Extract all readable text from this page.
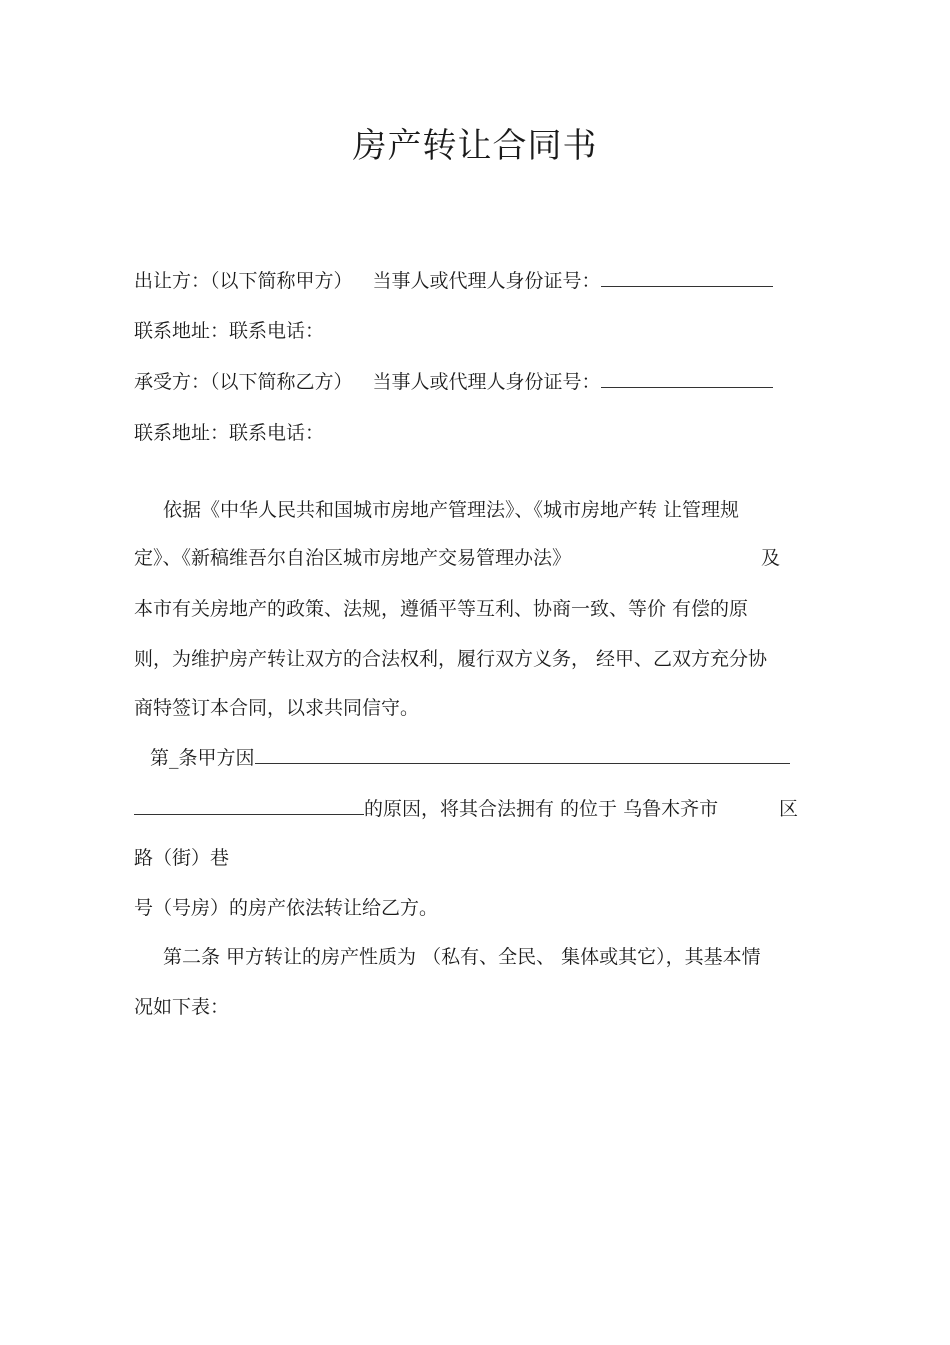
房产转让合同书
出让方：（以下简称甲方） 当事人或代理人身份证号：
联系地址：联系电话：
承受方：（以下简称乙方） 当事人或代理人身份证号：
联系地址：联系电话：
依据《中华人民共和国城市房地产管理法》、《城市房地产转 让管理规
定》、《新稿维吾尔自治区城市房地产交易管理办法》	及
本市有关房地产的政策、法规，遵循平等互利、协商一致、等价 有偿的原
则，为维护房产转让双方的合法权利，履行双方义务， 经甲、乙双方充分协
商特签订本合同，以求共同信守。
第_条甲方因
的原因，将其合法拥有 的位于 乌鲁木齐市	区
路（街）巷
号（号房）的房产依法转让给乙方。
第二条 甲方转让的房产性质为 （私有、全民、 集体或其它），其基本情
况如下表：
